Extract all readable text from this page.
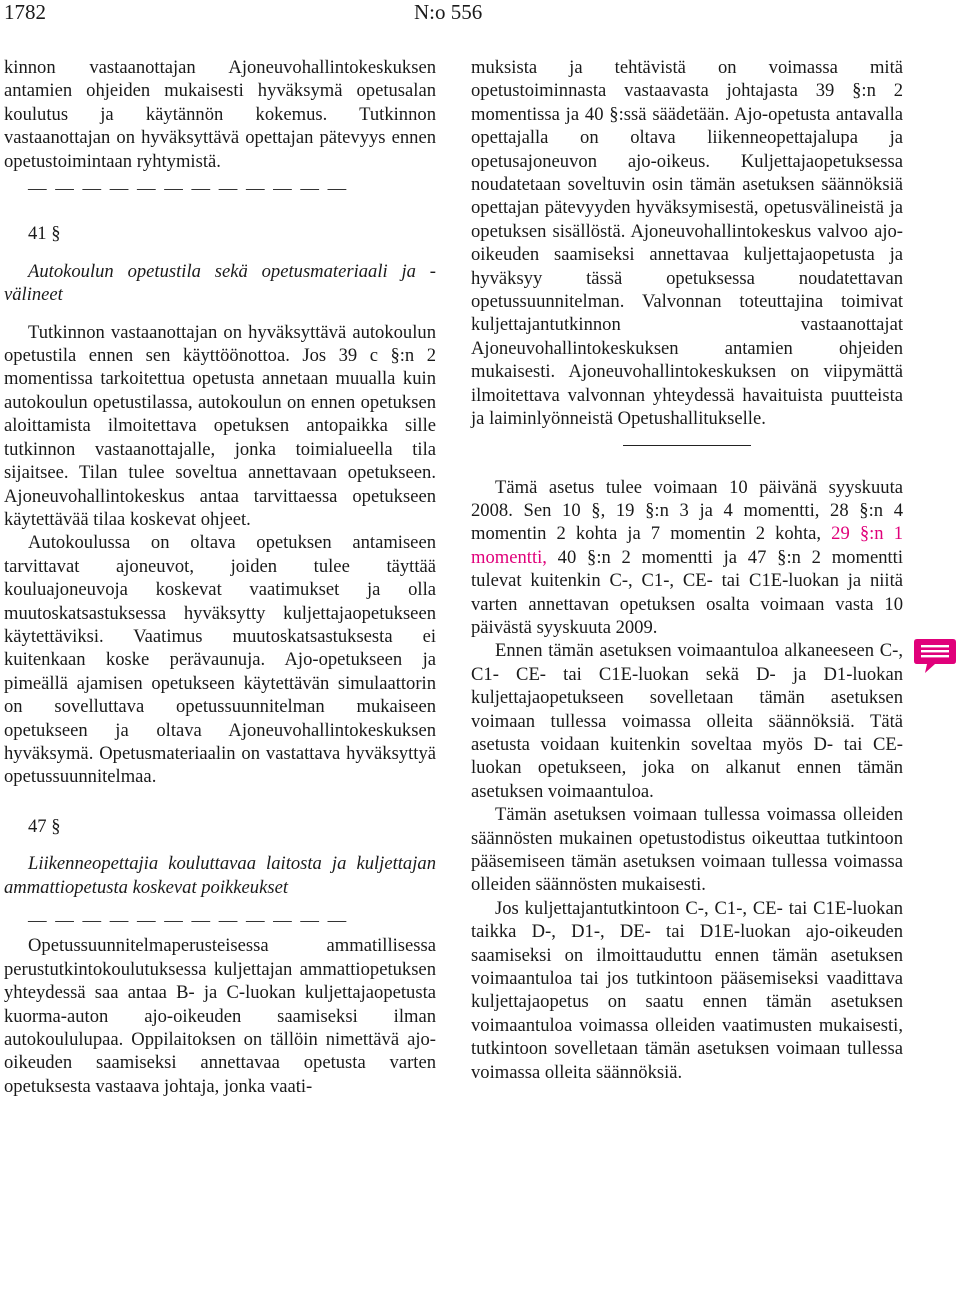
1782	N:o 556

kinnon vastaanottajan Ajoneuvohallintokeskuksen antamien ohjeiden mukaisesti hyväksymä opetusalan koulutus ja käytännön kokemus. Tutkinnon vastaanottajan on hyväksyttävä opettajan pätevyys ennen opetustoimintaan ryhtymistä.

— — — — — — — — — — — —

41 §

Autokoulun opetustila sekä opetusmateriaali ja -välineet

Tutkinnon vastaanottajan on hyväksyttävä autokoulun opetustila ennen sen käyttöönottoa. Jos 39 c §:n 2 momentissa tarkoitettua opetusta annetaan muualla kuin autokoulun opetustilassa, autokoulun on ennen opetuksen aloittamista ilmoitettava opetuksen antopaikka sille tutkinnon vastaanottajalle, jonka toimialueella tila sijaitsee. Tilan tulee soveltua annettavaan opetukseen. Ajoneuvohallintokeskus antaa tarvittaessa opetukseen käytettävää tilaa koskevat ohjeet.

Autokoulussa on oltava opetuksen antamiseen tarvittavat ajoneuvot, joiden tulee täyttää kouluajoneuvoja koskevat vaatimukset ja olla muutoskatsastuksessa hyväksytty kuljettajaopetukseen käytettäviksi. Vaatimus muutoskatsastuksesta ei kuitenkaan koske perävaunuja. Ajo-opetukseen ja pimeällä ajamisen opetukseen käytettävän simulaattorin on sovelluttava opetussuunnitelman mukaiseen opetukseen ja oltava Ajoneuvohallintokeskuksen hyväksymä. Opetusmateriaalin on vastattava hyväksyttyä opetussuunnitelmaa.

47 §

Liikenneopettajia kouluttavaa laitosta ja kuljettajan ammattiopetusta koskevat poikkeukset

— — — — — — — — — — — —

Opetussuunnitelmaperusteisessa ammatillisessa perustutkintokoulutuksessa kuljettajan ammattiopetuksen yhteydessä saa antaa B- ja C-luokan kuljettajaopetusta kuorma-auton ajo-oikeuden saamiseksi ilman autokoululupaa. Oppilaitoksen on tällöin nimettävä ajo-oikeuden saamiseksi annettavaa opetusta varten opetuksesta vastaava johtaja, jonka vaati-

muksista ja tehtävistä on voimassa mitä opetustoiminnasta vastaavasta johtajasta 39 §:n 2 momentissa ja 40 §:ssä säädetään. Ajo-opetusta antavalla opettajalla on oltava liikenneopettajalupa ja opetusajoneuvon ajo-oikeus. Kuljettajaopetuksessa noudatetaan soveltuvin osin tämän asetuksen säännöksiä opettajan pätevyyden hyväksymisestä, opetusvälineistä ja opetuksen sisällöstä. Ajoneuvohallintokeskus valvoo ajo-oikeuden saamiseksi annettavaa kuljettajaopetusta ja hyväksyy tässä opetuksessa noudatettavan opetussuunnitelman. Valvonnan toteuttajina toimivat kuljettajantutkinnon vastaanottajat Ajoneuvohallintokeskuksen antamien ohjeiden mukaisesti. Ajoneuvohallintokeskuksen on viipymättä ilmoitettava valvonnan yhteydessä havaituista puutteista ja laiminlyönneistä Opetushallitukselle.

Tämä asetus tulee voimaan 10 päivänä syyskuuta 2008. Sen 10 §, 19 §:n 3 ja 4 momentti, 28 §:n 4 momentin 2 kohta ja 7 momentin 2 kohta, 29 §:n 1 momentti, 40 §:n 2 momentti ja 47 §:n 2 momentti tulevat kuitenkin C-, C1-, CE- tai C1E-luokan ja niitä varten annettavan opetuksen osalta voimaan vasta 10 päivästä syyskuuta 2009.

Ennen tämän asetuksen voimaantuloa alkaneeseen C-, C1- CE- tai C1E-luokan sekä D- ja D1-luokan kuljettajaopetukseen sovelletaan tämän asetuksen voimaan tullessa voimassa olleita säännöksiä. Tätä asetusta voidaan kuitenkin soveltaa myös D- tai CE-luokan opetukseen, joka on alkanut ennen tämän asetuksen voimaantuloa.

Tämän asetuksen voimaan tullessa voimassa olleiden säännösten mukainen opetustodistus oikeuttaa tutkintoon pääsemiseen tämän asetuksen voimaan tullessa voimassa olleiden säännösten mukaisesti.

Jos kuljettajantutkintoon C-, C1-, CE- tai C1E-luokan taikka D-, D1-, DE- tai D1E-luokan ajo-oikeuden saamiseksi on ilmoittauduttu ennen tämän asetuksen voimaantuloa tai jos tutkintoon pääsemiseksi vaadittava kuljettajaopetus on saatu ennen tämän asetuksen voimaantuloa voimassa olleiden vaatimusten mukaisesti, tutkintoon sovelletaan tämän asetuksen voimaan tullessa voimassa olleita säännöksiä.
